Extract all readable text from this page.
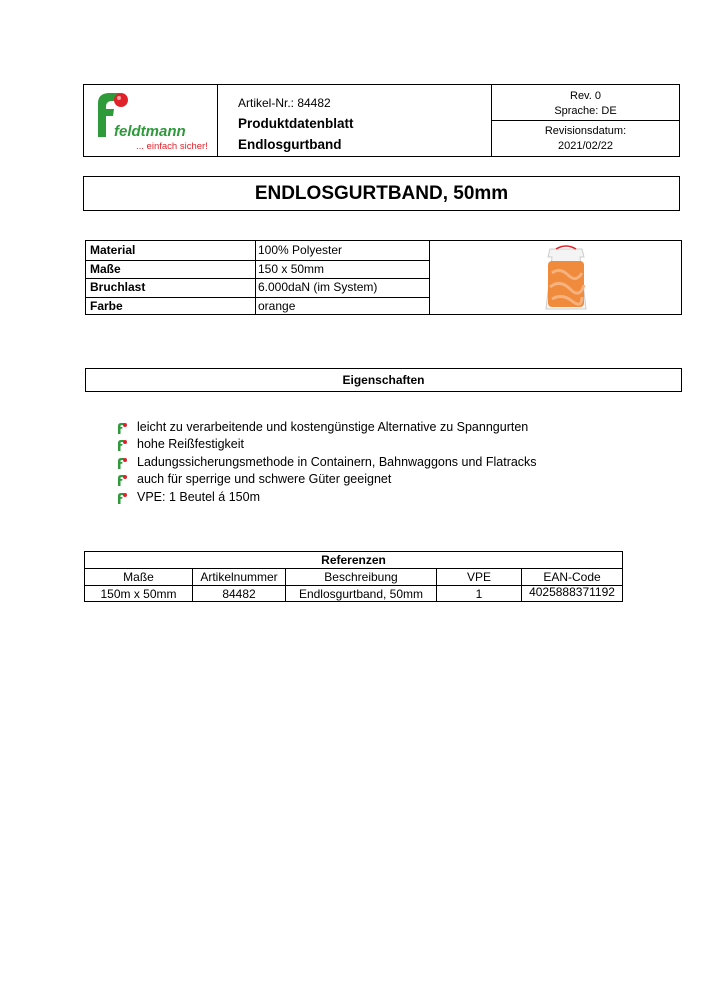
feldtmann
... einfach sicher!
Artikel-Nr.: 84482
Produktdatenblatt
Endlosgurtband
Rev. 0
Sprache: DE
Revisionsdatum:
2021/02/22
ENDLOSGURTBAND, 50mm
Material	100% Polyester
Maße	150 x 50mm
Bruchlast	6.000daN (im System)
Farbe	orange
Eigenschaften
leicht zu verarbeitende und kostengünstige Alternative zu Spanngurten
hohe Reißfestigkeit
Ladungssicherungsmethode in Containern, Bahnwaggons und Flatracks
auch für sperrige und schwere Güter geeignet
VPE: 1 Beutel á 150m
Referenzen
Maße	Artikelnummer	Beschreibung	VPE	EAN-Code
150m x 50mm	84482	Endlosgurtband, 50mm	1	4025888371192
